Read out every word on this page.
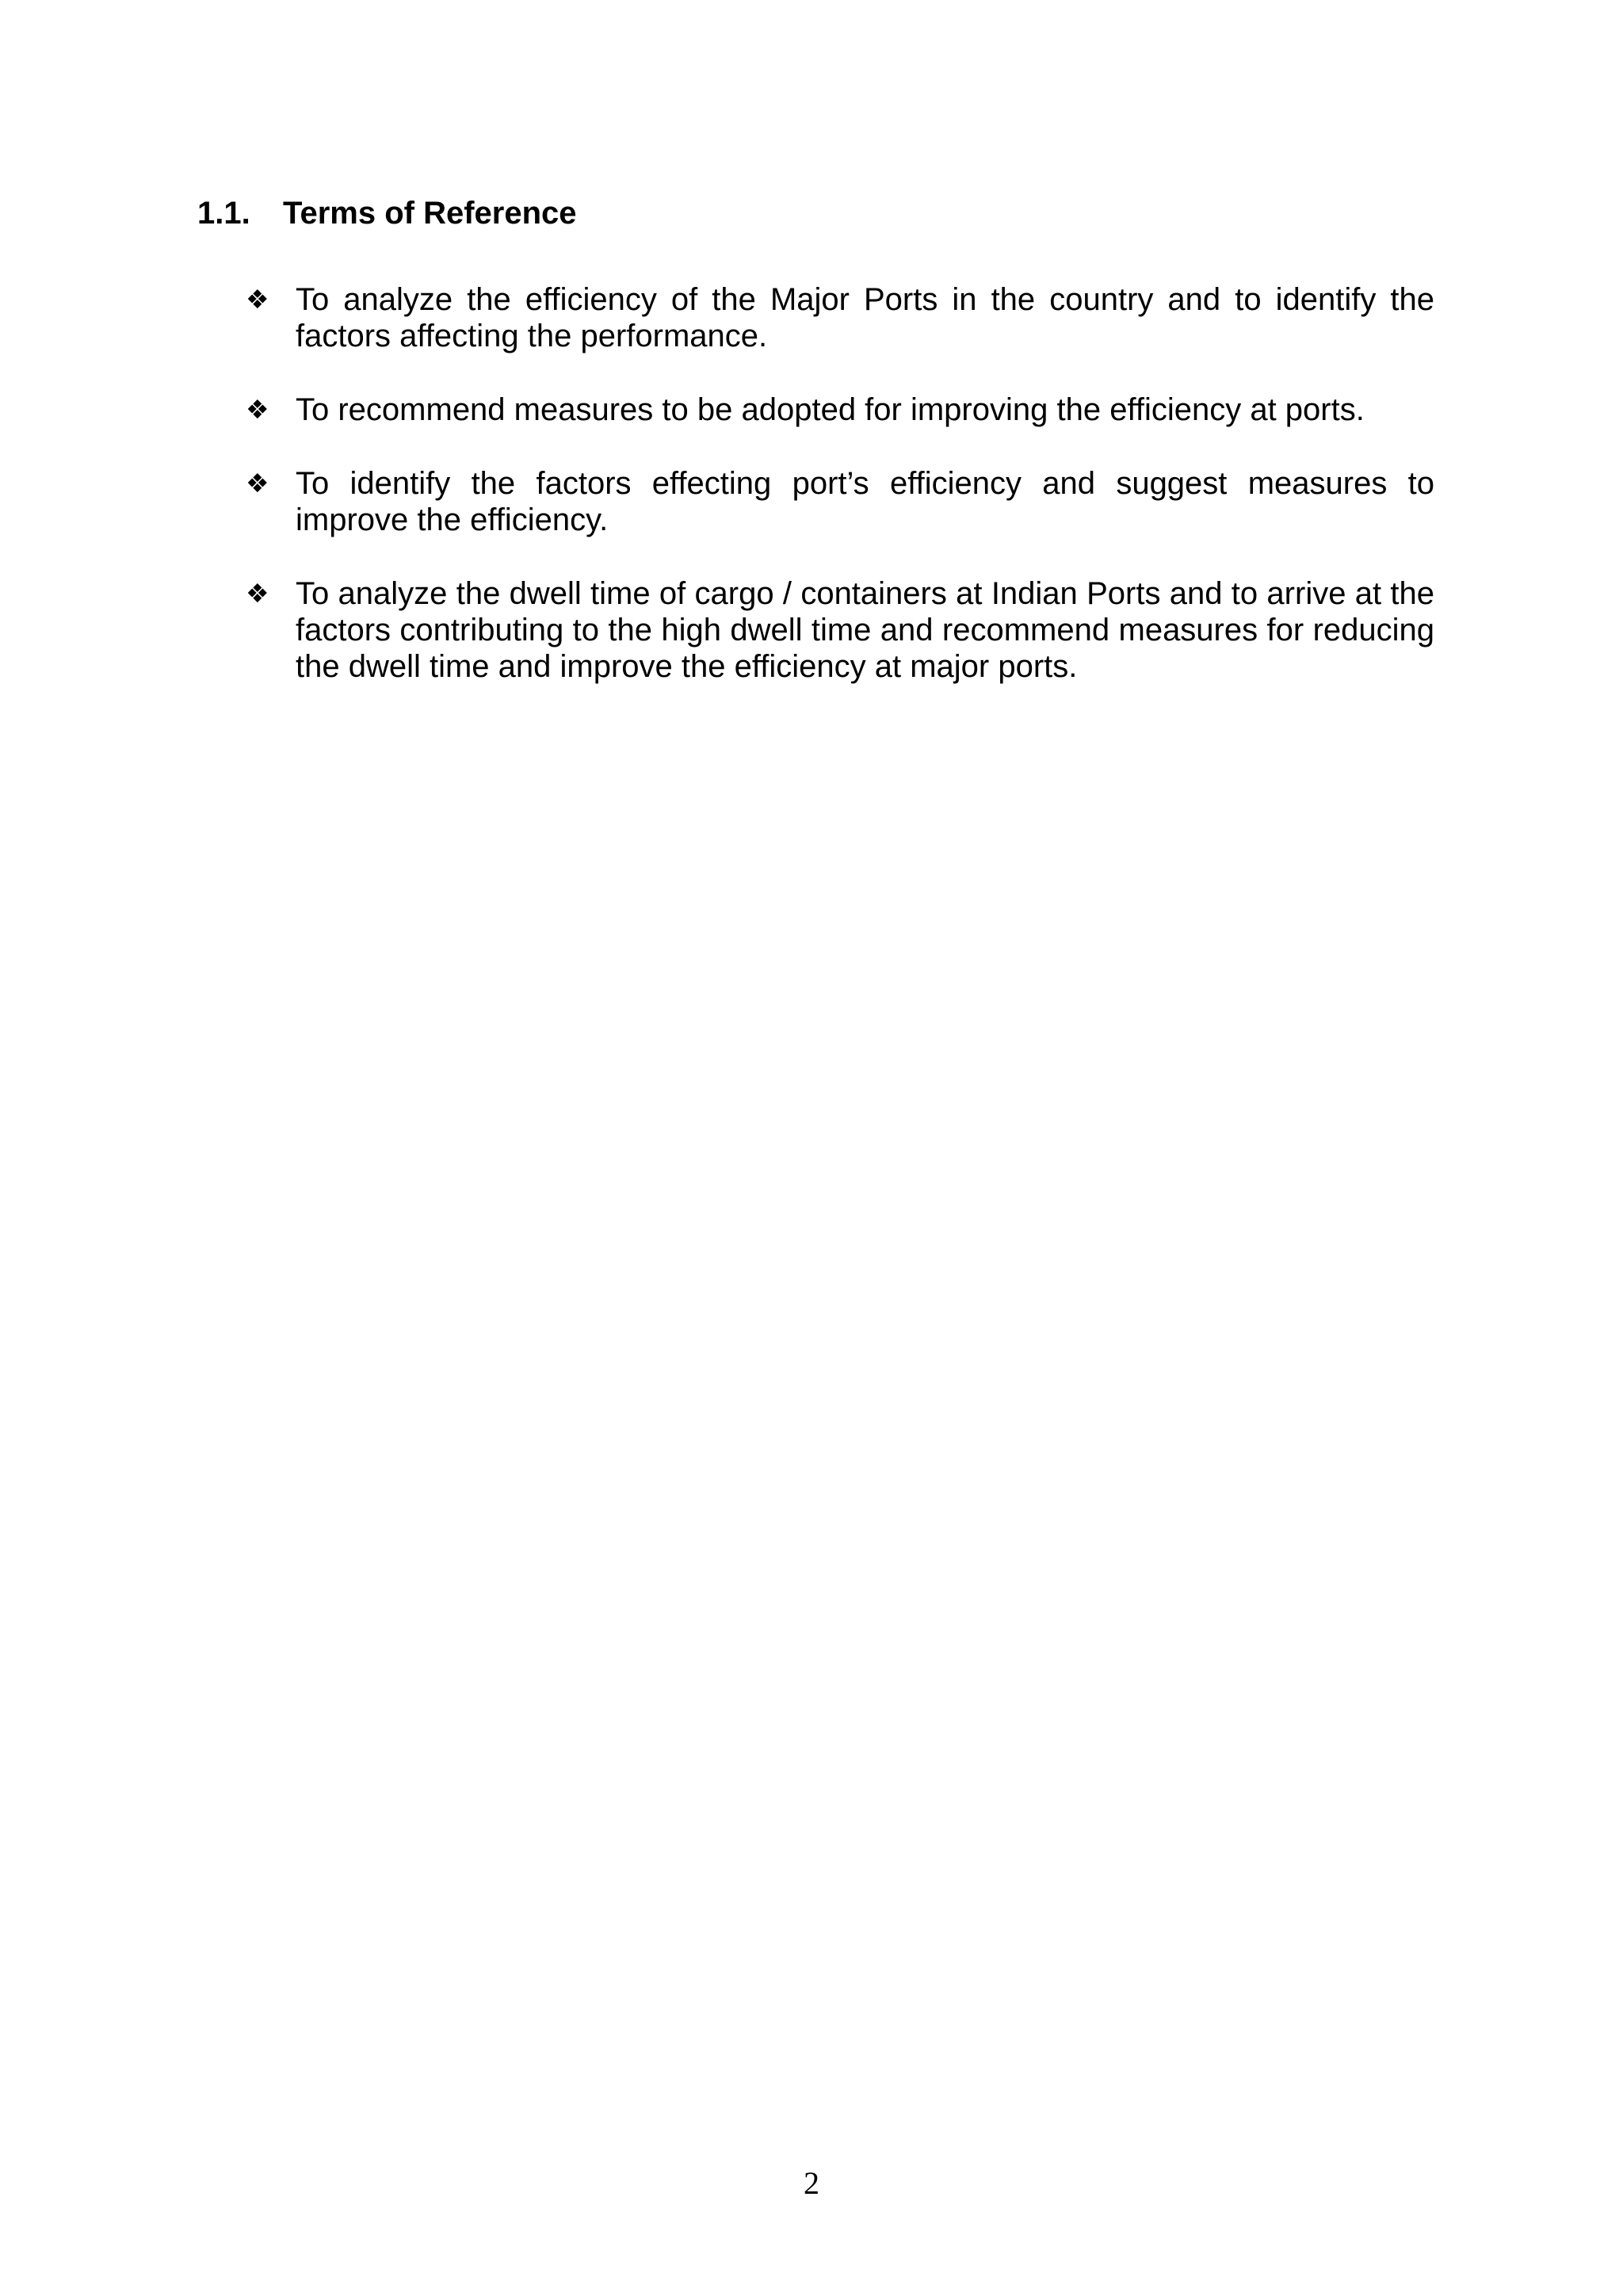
1.1. Terms of Reference
❖ To analyze the efficiency of the Major Ports in the country and to identify the factors affecting the performance.
❖ To recommend measures to be adopted for improving the efficiency at ports.
❖ To identify the factors effecting port’s efficiency and suggest measures to improve the efficiency.
❖ To analyze the dwell time of cargo / containers at Indian Ports and to arrive at the factors contributing to the high dwell time and recommend measures for reducing the dwell time and improve the efficiency at major ports.
2
